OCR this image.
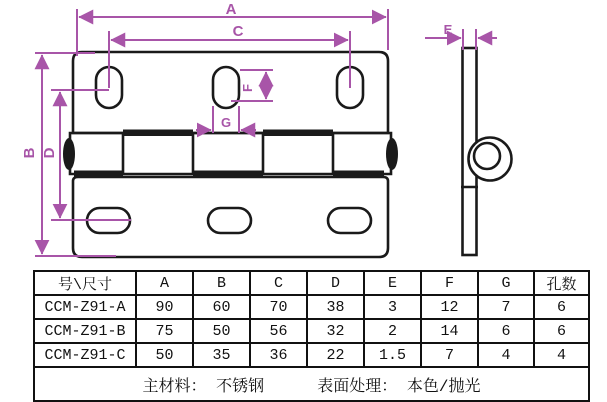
A
C
B D
F
G
E
号\尺寸	A	B	C	D	E	F	G	孔数
CCM-Z91-A	90	60	70	38	3	12	7	6
CCM-Z91-B	75	50	56	32	2	14	6	6
CCM-Z91-C	50	35	36	22	1.5	7	4	4
主材料： 不锈钢 表面处理： 本色/抛光								
